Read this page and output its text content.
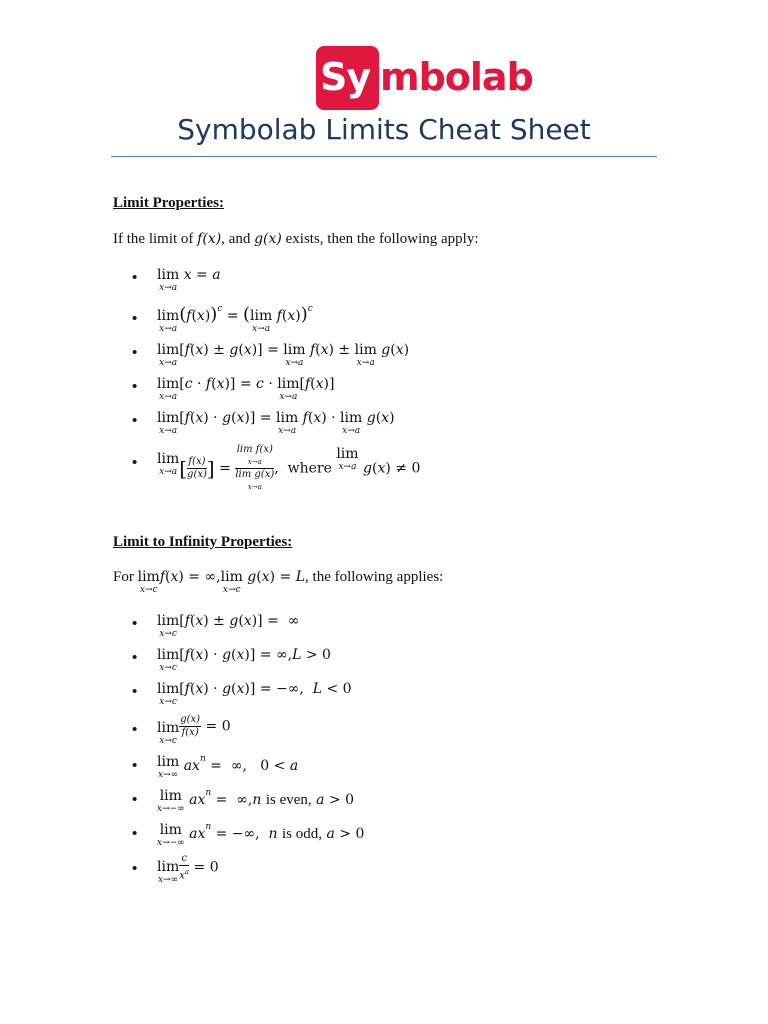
Sy mbolab
Symbolab Limits Cheat Sheet
Limit Properties:
If the limit of f(x), and g(x) exists, then the following apply:
• lim
x→a
x = a
• lim
x→a
$(f(x))^c$ = ( lim
x→a
f(x))$^c$
• lim
x→a
[f(x) ± g(x)] = lim
x→a
f(x) ± lim
x→a
g(x)
• lim
x→a
[c · f(x)] = c · lim
x→a
[f(x)]
• lim
x→a
[f(x) · g(x)] = lim
x→a
f(x) · lim
x→a
g(x)
• lim
x→a [ $\frac{f(x)}{g(x)}$ ] =
lim f(x)
x→a
lim g(x)
x→a
,  where
lim
x→a g(x) ≠ 0
Limit to Infinity Properties:
For lim
x→c
f(x) = ∞, lim
x→c
g(x) = L, the following applies:
• lim
x→c
[f(x) ± g(x)] =  ∞
• lim
x→c
[f(x) · g(x)] = ∞,L > 0
• lim
x→c
[f(x) · g(x)] = −∞,  L < 0
• lim
x→c
$\frac{g(x)}{f(x)} = 0$
• lim
x→∞
$ax^n$ =  ∞,   0 < a
• lim
x→−∞
$ax^n = \infty,n$ is even, a > 0
• lim
x→−∞
$ax^n$ = −∞,  n is odd, a > 0
• lim
$x\to\infty \frac{c}{x^a} = 0$
